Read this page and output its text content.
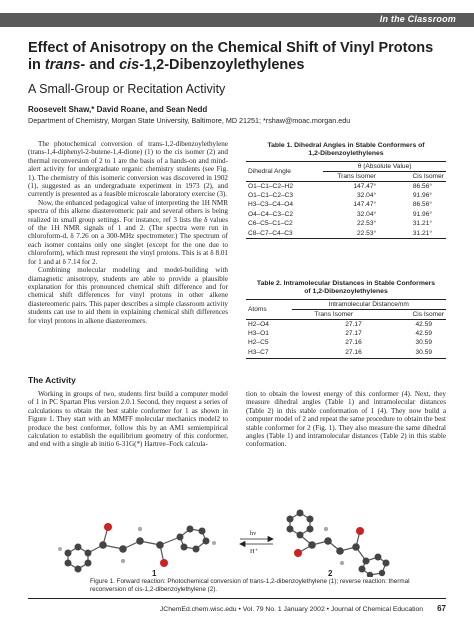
In the Classroom
Effect of Anisotropy on the Chemical Shift of Vinyl Protons
in trans- and cis-1,2-Dibenzoylethylenes
A Small-Group or Recitation Activity
Roosevelt Shaw,* David Roane, and Sean Nedd
Department of Chemistry, Morgan State University, Baltimore, MD 21251; *rshaw@moac.morgan.edu

The photochemical conversion of trans-1,2-dibenzoylethylene (trans-1,4-diphenyl-2-butene-1,4-dione) (1) to the cis isomer (2) and thermal reconversion of 2 to 1 are the basis of a hands-on and mind-alert activity for undergraduate organic chemistry students (see Fig. 1). The chemistry of this isomeric conversion was discovered in 1902 (1), suggested as an undergraduate experiment in 1973 (2), and currently is presented as a feasible microscale laboratory exercise (3).

Now, the enhanced pedagogical value of interpreting the 1H NMR spectra of this alkene diastereomeric pair and several others is being realized in small group settings. For instance, ref 3 lists the δ values of the 1H NMR signals of 1 and 2. (The spectra were run in chloroform-d, δ 7.26 on a 300-MHz spectrometer.) The spectrum of each isomer contains only one singlet (except for the one due to chloroform), which must represent the vinyl protons. This is at δ 8.01 for 1 and at δ 7.14 for 2.

Combining molecular modeling and model-building with diamagnetic anisotropy, students are able to provide a plausible explanation for this pronounced chemical shift difference and for chemical shift differences for vinyl protons in other alkene diastereomeric pairs. This paper describes a simple classroom activity students can use to aid them in explaining chemical shift differences for vinyl protons in alkene diastereomers.

Table 1. Dihedral Angles in Stable Conformers of
1,2-Dibenzoylethylenes
Dihedral Angle	θ (Absolute Value)	
	Trans Isomer	Cis Isomer
O1–C1–C2–H2	147.47°	86.56°
O1–C1–C2–C3	32.04°	91.96°
H3–C3–C4–O4	147.47°	86.56°
O4–C4–C3–C2	32.04°	91.96°
C6–C5–C1–C2	22.53°	31.21°
C8–C7–C4–C3	22.53°	31.21°
Table 2. Intramolecular Distances in Stable Conformers
of 1,2-Dibenzoylethylenes
Atoms	Intramolecular Distance/nm	
	Trans Isomer	Cis Isomer
H2–O4	27.17	42.59
H3–O1	27.17	42.59
H2–C5	27.16	30.59
H3–C7	27.16	30.59
The Activity

Working in groups of two, students first build a computer model of 1 in PC Spartan Plus version 2.0.1 Second, they request a series of calculations to obtain the best stable conformer for 1 as shown in Figure 1. They start with an MMFF molecular mechanics model2 to produce the best conformer, follow this by an AM1 semiempirical calculation to establish the equilibrium geometry of this conformer, and end with a single ab initio 6-31G(*) Hartree–Fock calcula-

tion to obtain the lowest energy of this conformer (4). Next, they measure dihedral angles (Table 1) and intramolecular distances (Table 2) in this stable conformation of 1 (4). They now build a computer model of 2 and repeat the same procedure to obtain the best stable conformer for 2 (Fig. 1). They also measure the same dihedral angles (Table 1) and intramolecular distances (Table 2) in this stable conformation.

1
hν
H⁺
2
Figure 1. Forward reaction: Photochemical conversion of trans-1,2-dibenzoylethylene (1); reverse reaction: thermal reconversion of cis-1,2-dibenzoylethylene (2).
JChemEd.chem.wisc.edu • Vol. 79 No. 1 January 2002 • Journal of Chemical Education 67
